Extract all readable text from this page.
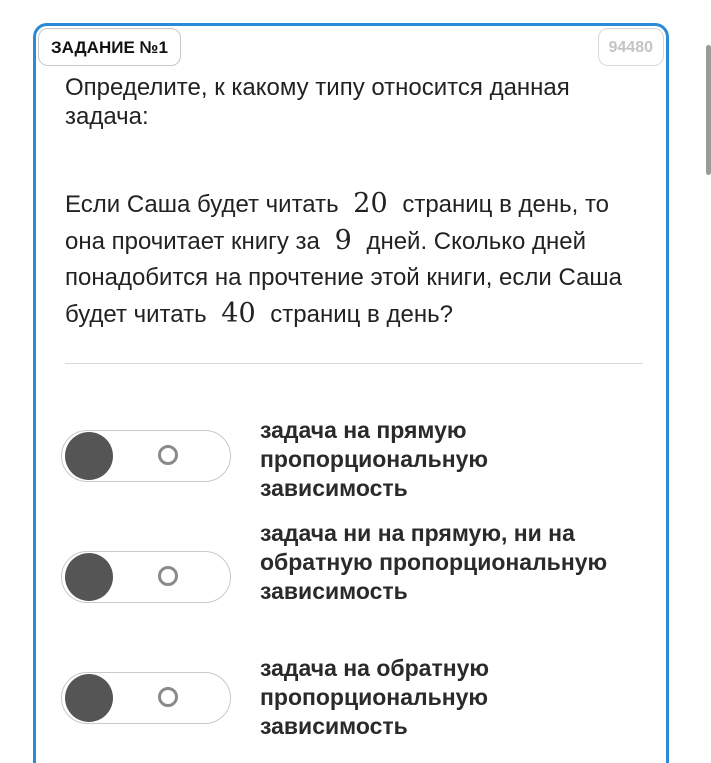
ЗАДАНИЕ №1	94480
Определите, к какому типу относится данная задача:
Если Саша будет читать 20 страниц в день, то она прочитает книгу за 9 дней. Сколько дней понадобится на прочтение этой книги, если Саша будет читать 40 страниц в день?
задача на прямую пропорциональную зависимость
задача ни на прямую, ни на обратную пропорциональную зависимость
задача на обратную пропорциональную зависимость
